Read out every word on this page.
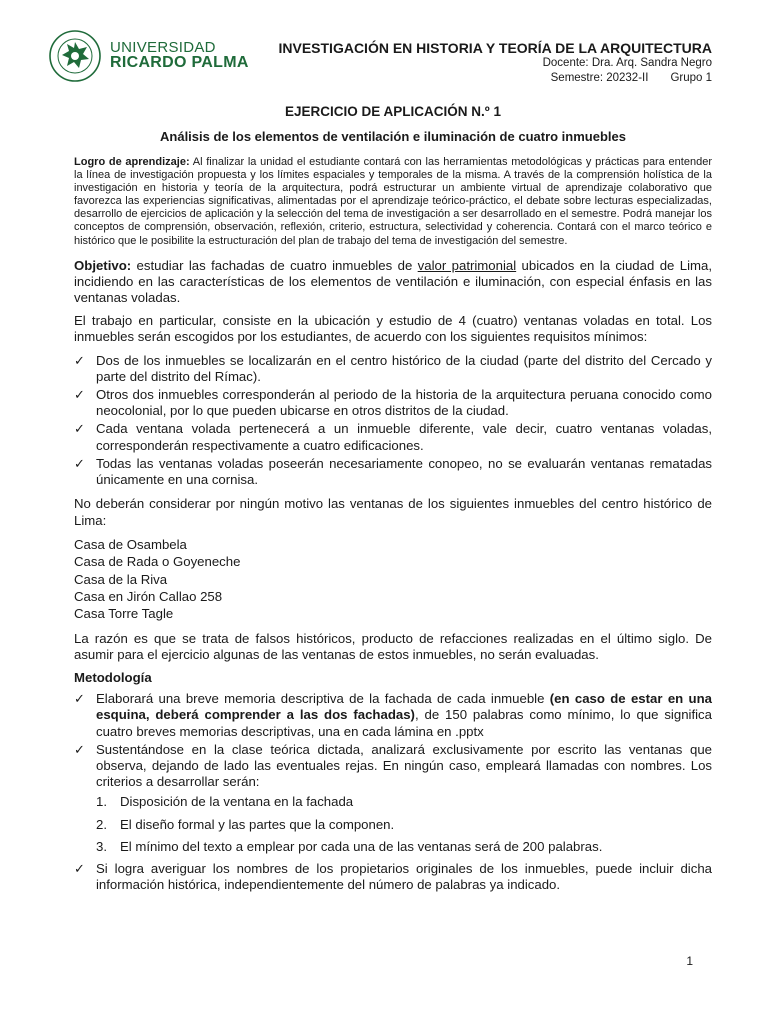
UNIVERSIDAD
RICARDO PALMA
INVESTIGACIÓN EN HISTORIA Y TEORÍA DE LA ARQUITECTURA
Docente: Dra. Arq. Sandra Negro
Semestre: 20232-II Grupo 1
EJERCICIO DE APLICACIÓN N.º 1
Análisis de los elementos de ventilación e iluminación de cuatro inmuebles

Logro de aprendizaje: Al finalizar la unidad el estudiante contará con las herramientas metodológicas y prácticas para entender la línea de investigación propuesta y los límites espaciales y temporales de la misma. A través de la comprensión holística de la investigación en historia y teoría de la arquitectura, podrá estructurar un ambiente virtual de aprendizaje colaborativo que favorezca las experiencias significativas, alimentadas por el aprendizaje teórico-práctico, el debate sobre lecturas especializadas, desarrollo de ejercicios de aplicación y la selección del tema de investigación a ser desarrollado en el semestre. Podrá manejar los conceptos de comprensión, observación, reflexión, criterio, estructura, selectividad y coherencia. Contará con el marco teórico e histórico que le posibilite la estructuración del plan de trabajo del tema de investigación del semestre.

Objetivo: estudiar las fachadas de cuatro inmuebles de valor patrimonial ubicados en la ciudad de Lima, incidiendo en las características de los elementos de ventilación e iluminación, con especial énfasis en las ventanas voladas.

El trabajo en particular, consiste en la ubicación y estudio de 4 (cuatro) ventanas voladas en total. Los inmuebles serán escogidos por los estudiantes, de acuerdo con los siguientes requisitos mínimos:

✓ Dos de los inmuebles se localizarán en el centro histórico de la ciudad (parte del distrito del Cercado y parte del distrito del Rímac).
✓ Otros dos inmuebles corresponderán al periodo de la historia de la arquitectura peruana conocido como neocolonial, por lo que pueden ubicarse en otros distritos de la ciudad.
✓ Cada ventana volada pertenecerá a un inmueble diferente, vale decir, cuatro ventanas voladas, corresponderán respectivamente a cuatro edificaciones.
✓ Todas las ventanas voladas poseerán necesariamente conopeo, no se evaluarán ventanas rematadas únicamente en una cornisa.

No deberán considerar por ningún motivo las ventanas de los siguientes inmuebles del centro histórico de Lima:

Casa de Osambela
Casa de Rada o Goyeneche
Casa de la Riva
Casa en Jirón Callao 258
Casa Torre Tagle

La razón es que se trata de falsos históricos, producto de refacciones realizadas en el último siglo. De asumir para el ejercicio algunas de las ventanas de estos inmuebles, no serán evaluadas.

Metodología
✓ Elaborará una breve memoria descriptiva de la fachada de cada inmueble (en caso de estar en una esquina, deberá comprender a las dos fachadas), de 150 palabras como mínimo, lo que significa cuatro breves memorias descriptivas, una en cada lámina en .pptx
✓ Sustentándose en la clase teórica dictada, analizará exclusivamente por escrito las ventanas que observa, dejando de lado las eventuales rejas. En ningún caso, empleará llamadas con nombres. Los criterios a desarrollar serán:
1. Disposición de la ventana en la fachada
2. El diseño formal y las partes que la componen.
3. El mínimo del texto a emplear por cada una de las ventanas será de 200 palabras.
✓ Si logra averiguar los nombres de los propietarios originales de los inmuebles, puede incluir dicha información histórica, independientemente del número de palabras ya indicado.
1
